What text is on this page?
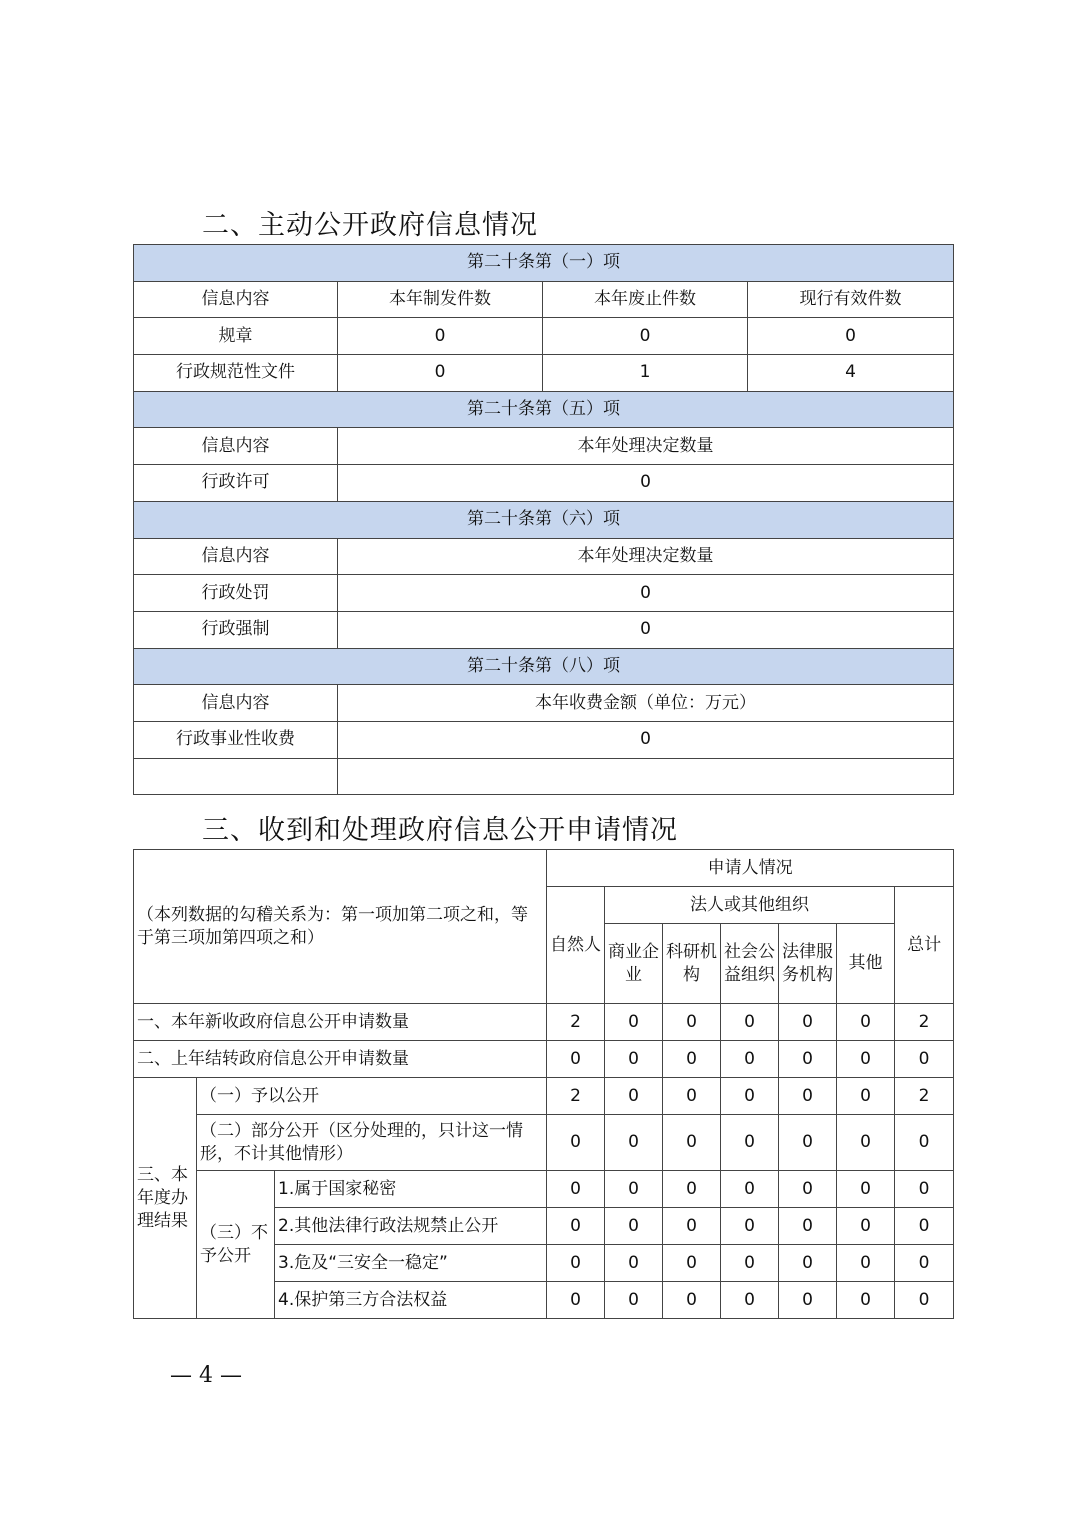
二、主动公开政府信息情况
第二十条第（一）项			
信息内容	本年制发件数	本年废止件数	现行有效件数
规章	0	0	0
行政规范性文件	0	1	4
第二十条第（五）项			
信息内容	本年处理决定数量		
行政许可	0		
第二十条第（六）项			
信息内容	本年处理决定数量		
行政处罚	0		
行政强制	0		
第二十条第（八）项			
信息内容	本年收费金额（单位：万元）		
行政事业性收费	0		

三、收到和处理政府信息公开申请情况
（本列数据的勾稽关系为：第一项加第二项之和，等于第三项加第四项之和）			申请人情况						
			自然人	法人或其他组织					总计
				商业企业	科研机构	社会公益组织	法律服务机构	其他	

一、本年新收政府信息公开申请数量			2	0	0	0	0	0	2
二、上年结转政府信息公开申请数量			0	0	0	0	0	0	0
三、本年度办理结果	（一）予以公开		2	0	0	0	0	0	2
	（二）部分公开（区分处理的，只计这一情形，不计其他情形）		0	0	0	0	0	0	0
	（三）不予公开	1.属于国家秘密	0	0	0	0	0	0	0
		2.其他法律行政法规禁止公开	0	0	0	0	0	0	0
		3.危及“三安全一稳定”	0	0	0	0	0	0	0
		4.保护第三方合法权益	0	0	0	0	0	0	0
— 4 —
